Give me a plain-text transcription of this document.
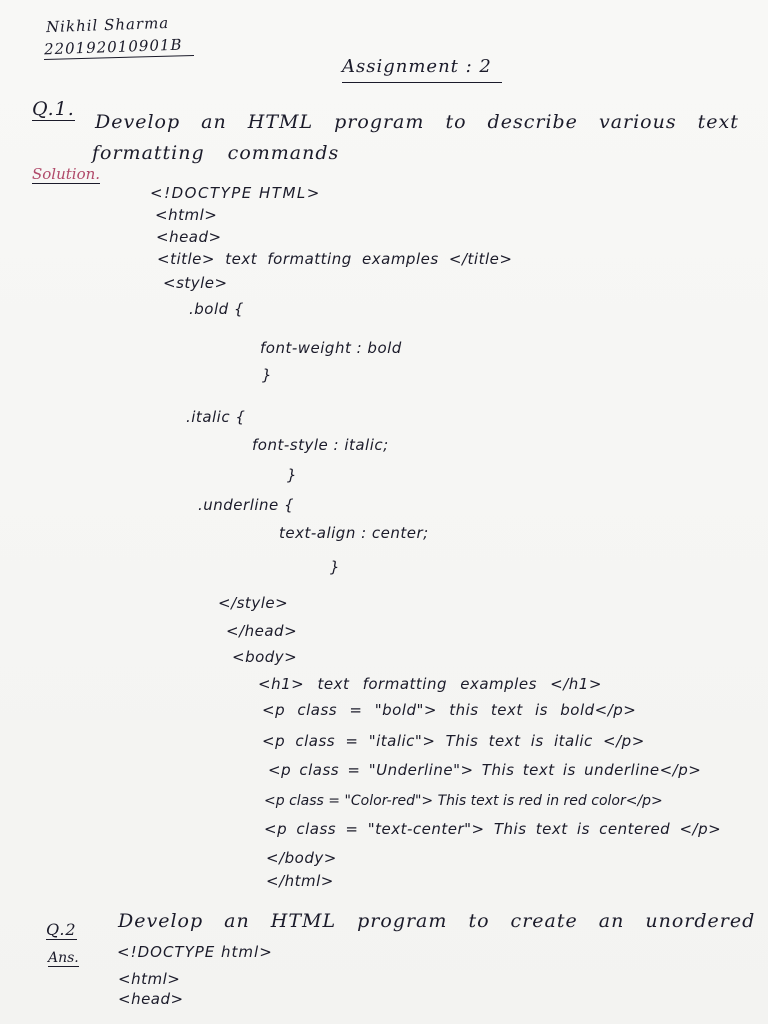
Nikhil Sharma
220192010901B
Assignment : 2
Q.1.
Develop an HTML program to describe various text
formatting commands
Solution.
<!DOCTYPE HTML>
<html>
<head>
<title> text formatting examples </title>
<style>
.bold {
font-weight : bold
}
.italic {
font-style : italic;
}
.underline {
text-align : center;
}
</style>
</head>
<body>
<h1> text formatting examples </h1>
<p class = "bold"> this text is bold</p>
<p class = "italic"> This text is italic </p>
<p class = "Underline"> This text is underline</p>
<p class = "Color-red"> This text is red in red color</p>
<p class = "text-center"> This text is centered </p>
</body>
</html>
Q.2 Develop an HTML program to create an unordered
Ans.	<!DOCTYPE html>
<html>
<head>
